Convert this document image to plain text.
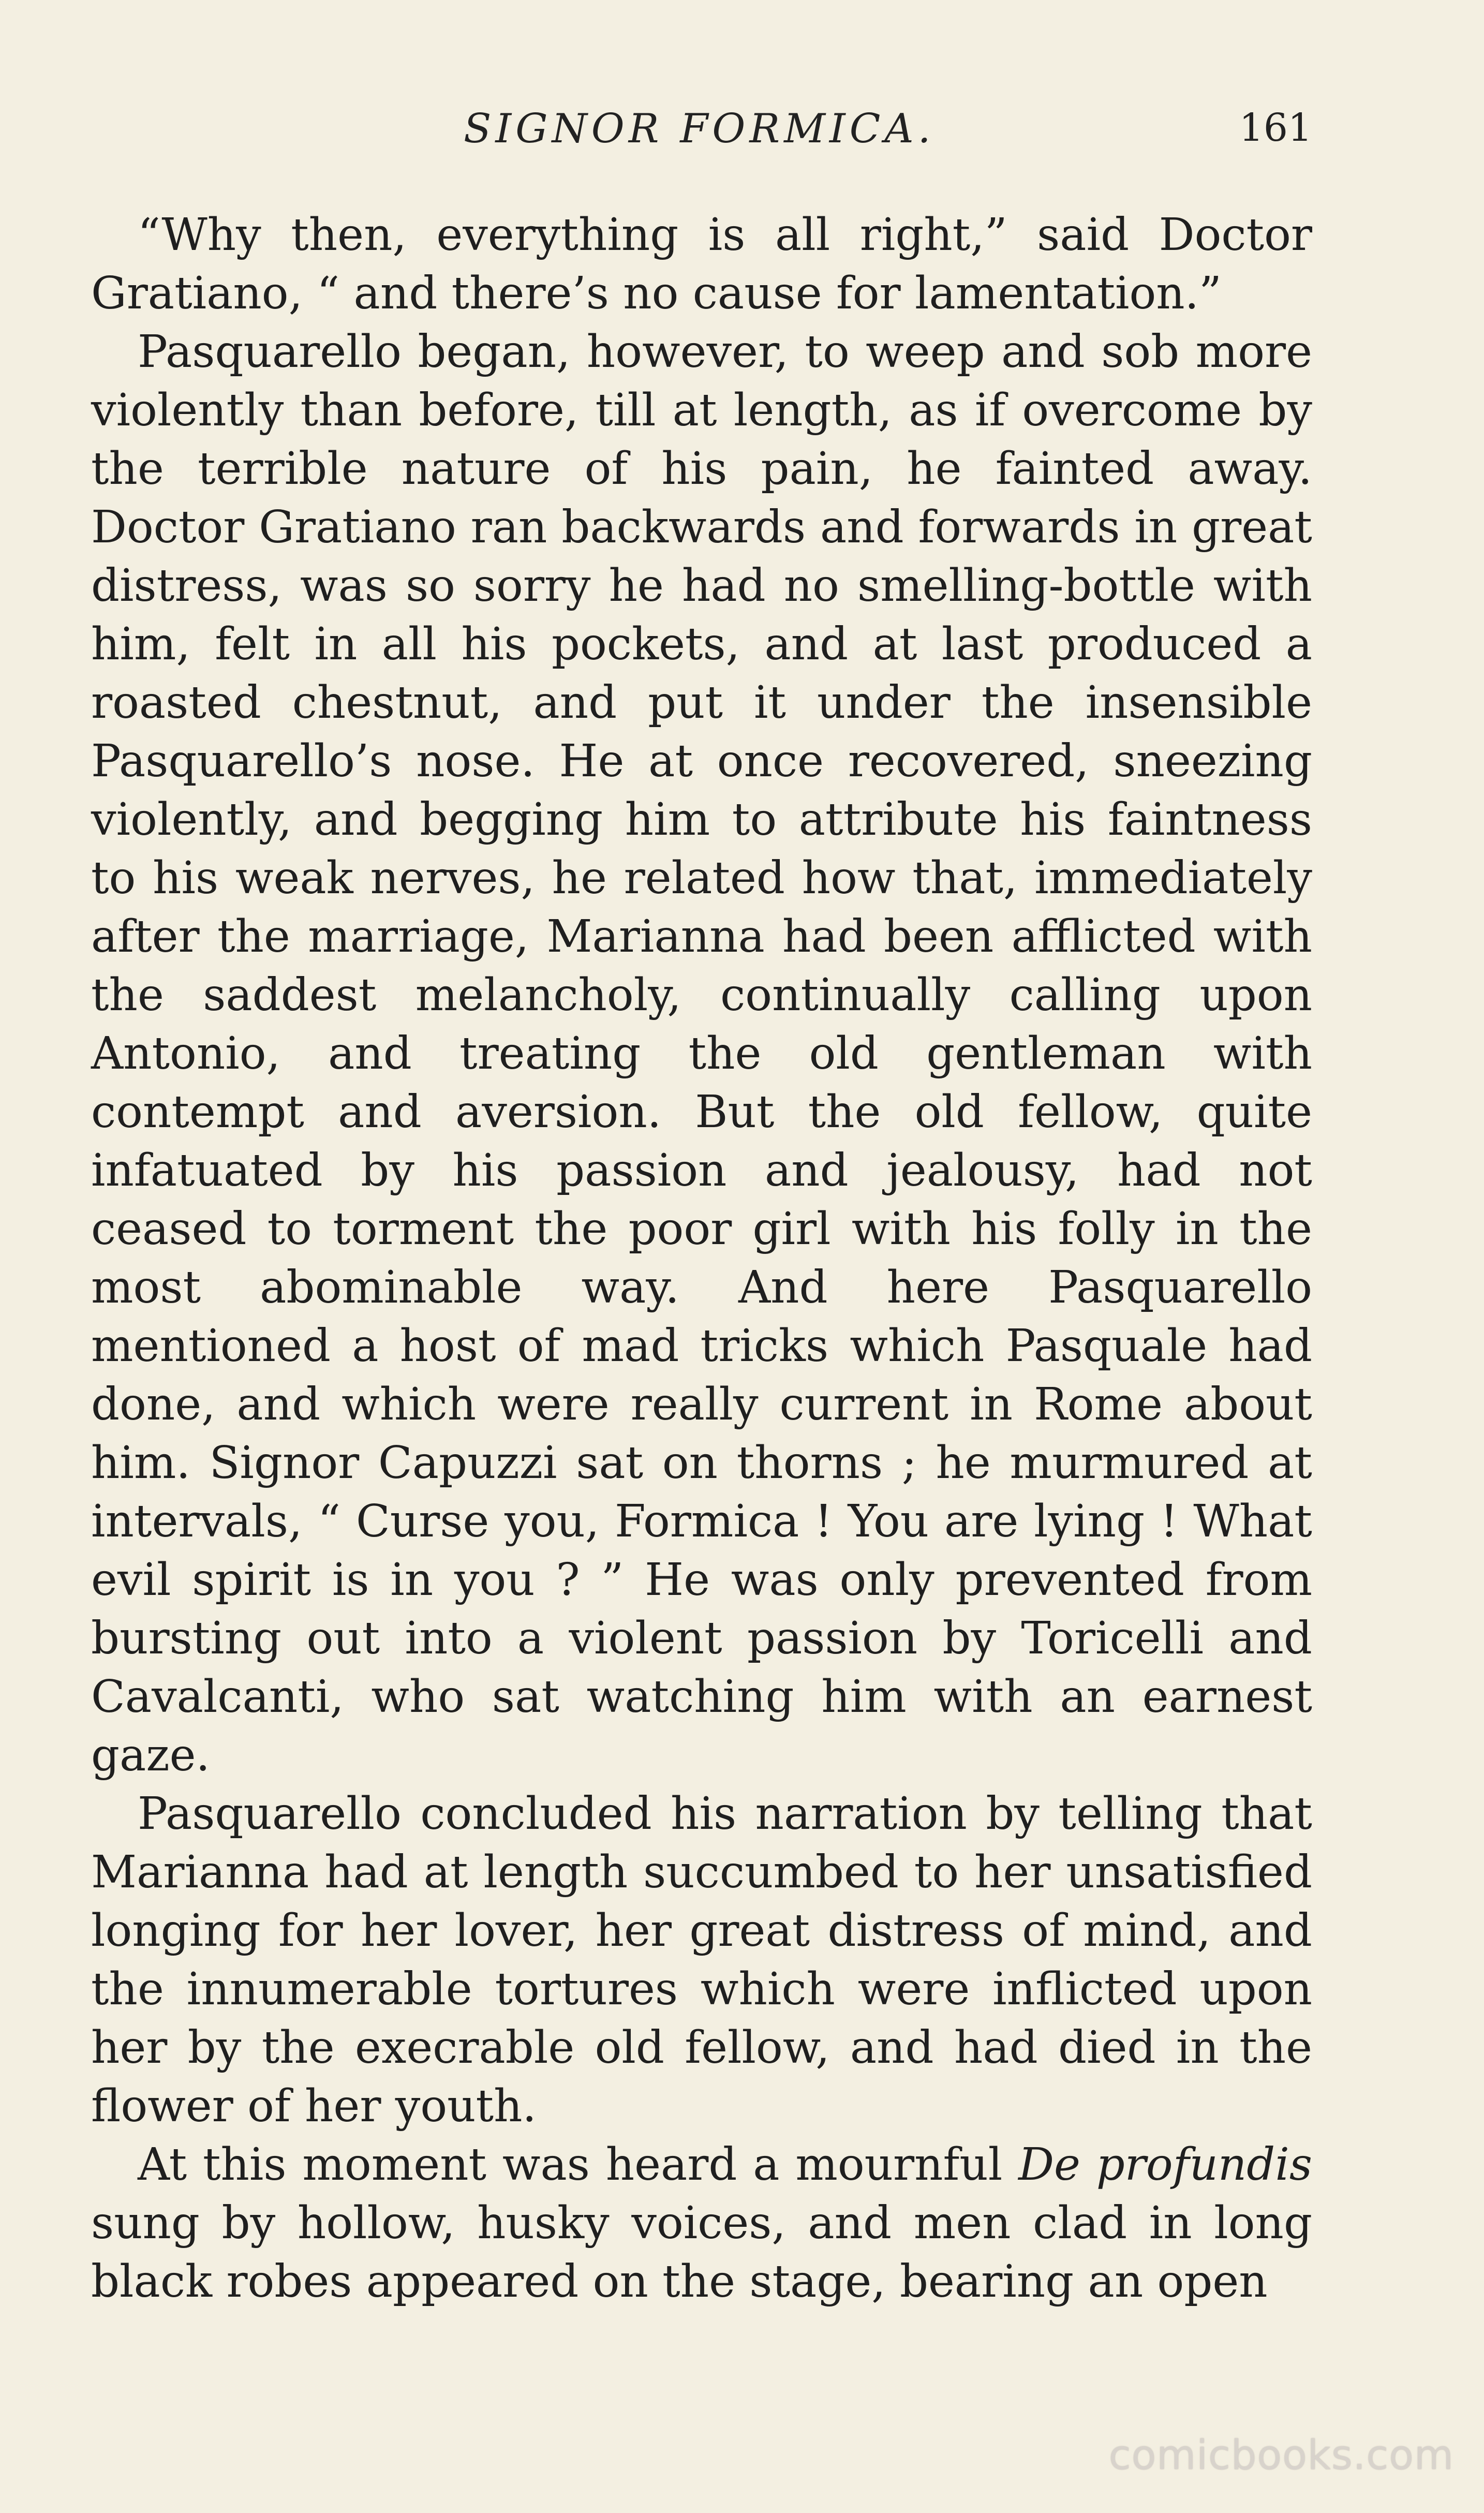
SIGNOR FORMICA.	161

“Why then, everything is all right,” said Doctor Gratiano, “ and there’s no cause for lamentation.”

Pasquarello began, however, to weep and sob more violently than before, till at length, as if overcome by the terrible nature of his pain, he fainted away. Doctor Gratiano ran backwards and forwards in great distress, was so sorry he had no smelling-bottle with him, felt in all his pockets, and at last produced a roasted chestnut, and put it under the insensible Pasquarello’s nose. He at once recovered, sneezing violently, and begging him to attribute his faintness to his weak nerves, he related how that, immediately after the marriage, Marianna had been afflicted with the saddest melancholy, continually calling upon Antonio, and treating the old gentleman with contempt and aversion. But the old fellow, quite infatuated by his passion and jealousy, had not ceased to torment the poor girl with his folly in the most abominable way. And here Pasquarello mentioned a host of mad tricks which Pasquale had done, and which were really current in Rome about him. Signor Capuzzi sat on thorns ; he murmured at intervals, “ Curse you, Formica ! You are lying ! What evil spirit is in you ? ” He was only prevented from bursting out into a violent passion by Toricelli and Cavalcanti, who sat watching him with an earnest gaze.

Pasquarello concluded his narration by telling that Marianna had at length succumbed to her unsatisfied longing for her lover, her great distress of mind, and the innumerable tortures which were inflicted upon her by the execrable old fellow, and had died in the flower of her youth.

At this moment was heard a mournful De profundis sung by hollow, husky voices, and men clad in long black robes appeared on the stage, bearing an open

comicbooks.com
